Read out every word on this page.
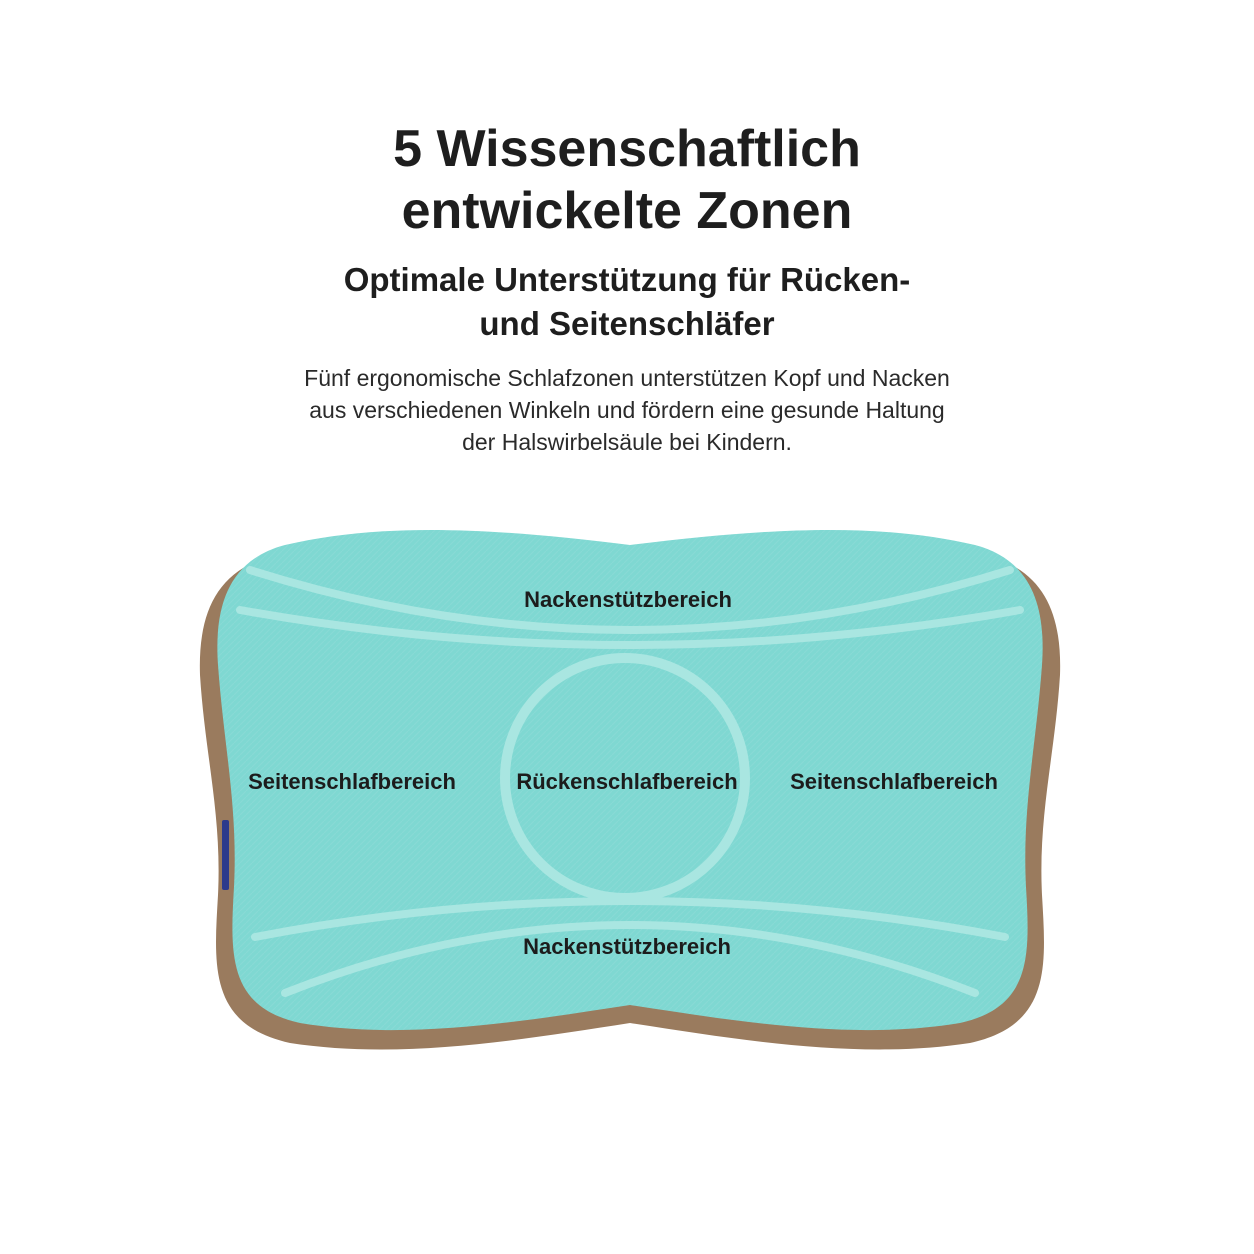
5 Wissenschaftlich
entwickelte Zonen
Optimale Unterstützung für Rücken-
und Seitenschläfer

Fünf ergonomische Schlafzonen unterstützen Kopf und Nacken
aus verschiedenen Winkeln und fördern eine gesunde Haltung
der Halswirbelsäule bei Kindern.

Nackenstützbereich
Seitenschlafbereich	Rückenschlafbereich Seitenschlafbereich
Nackenstützbereich
